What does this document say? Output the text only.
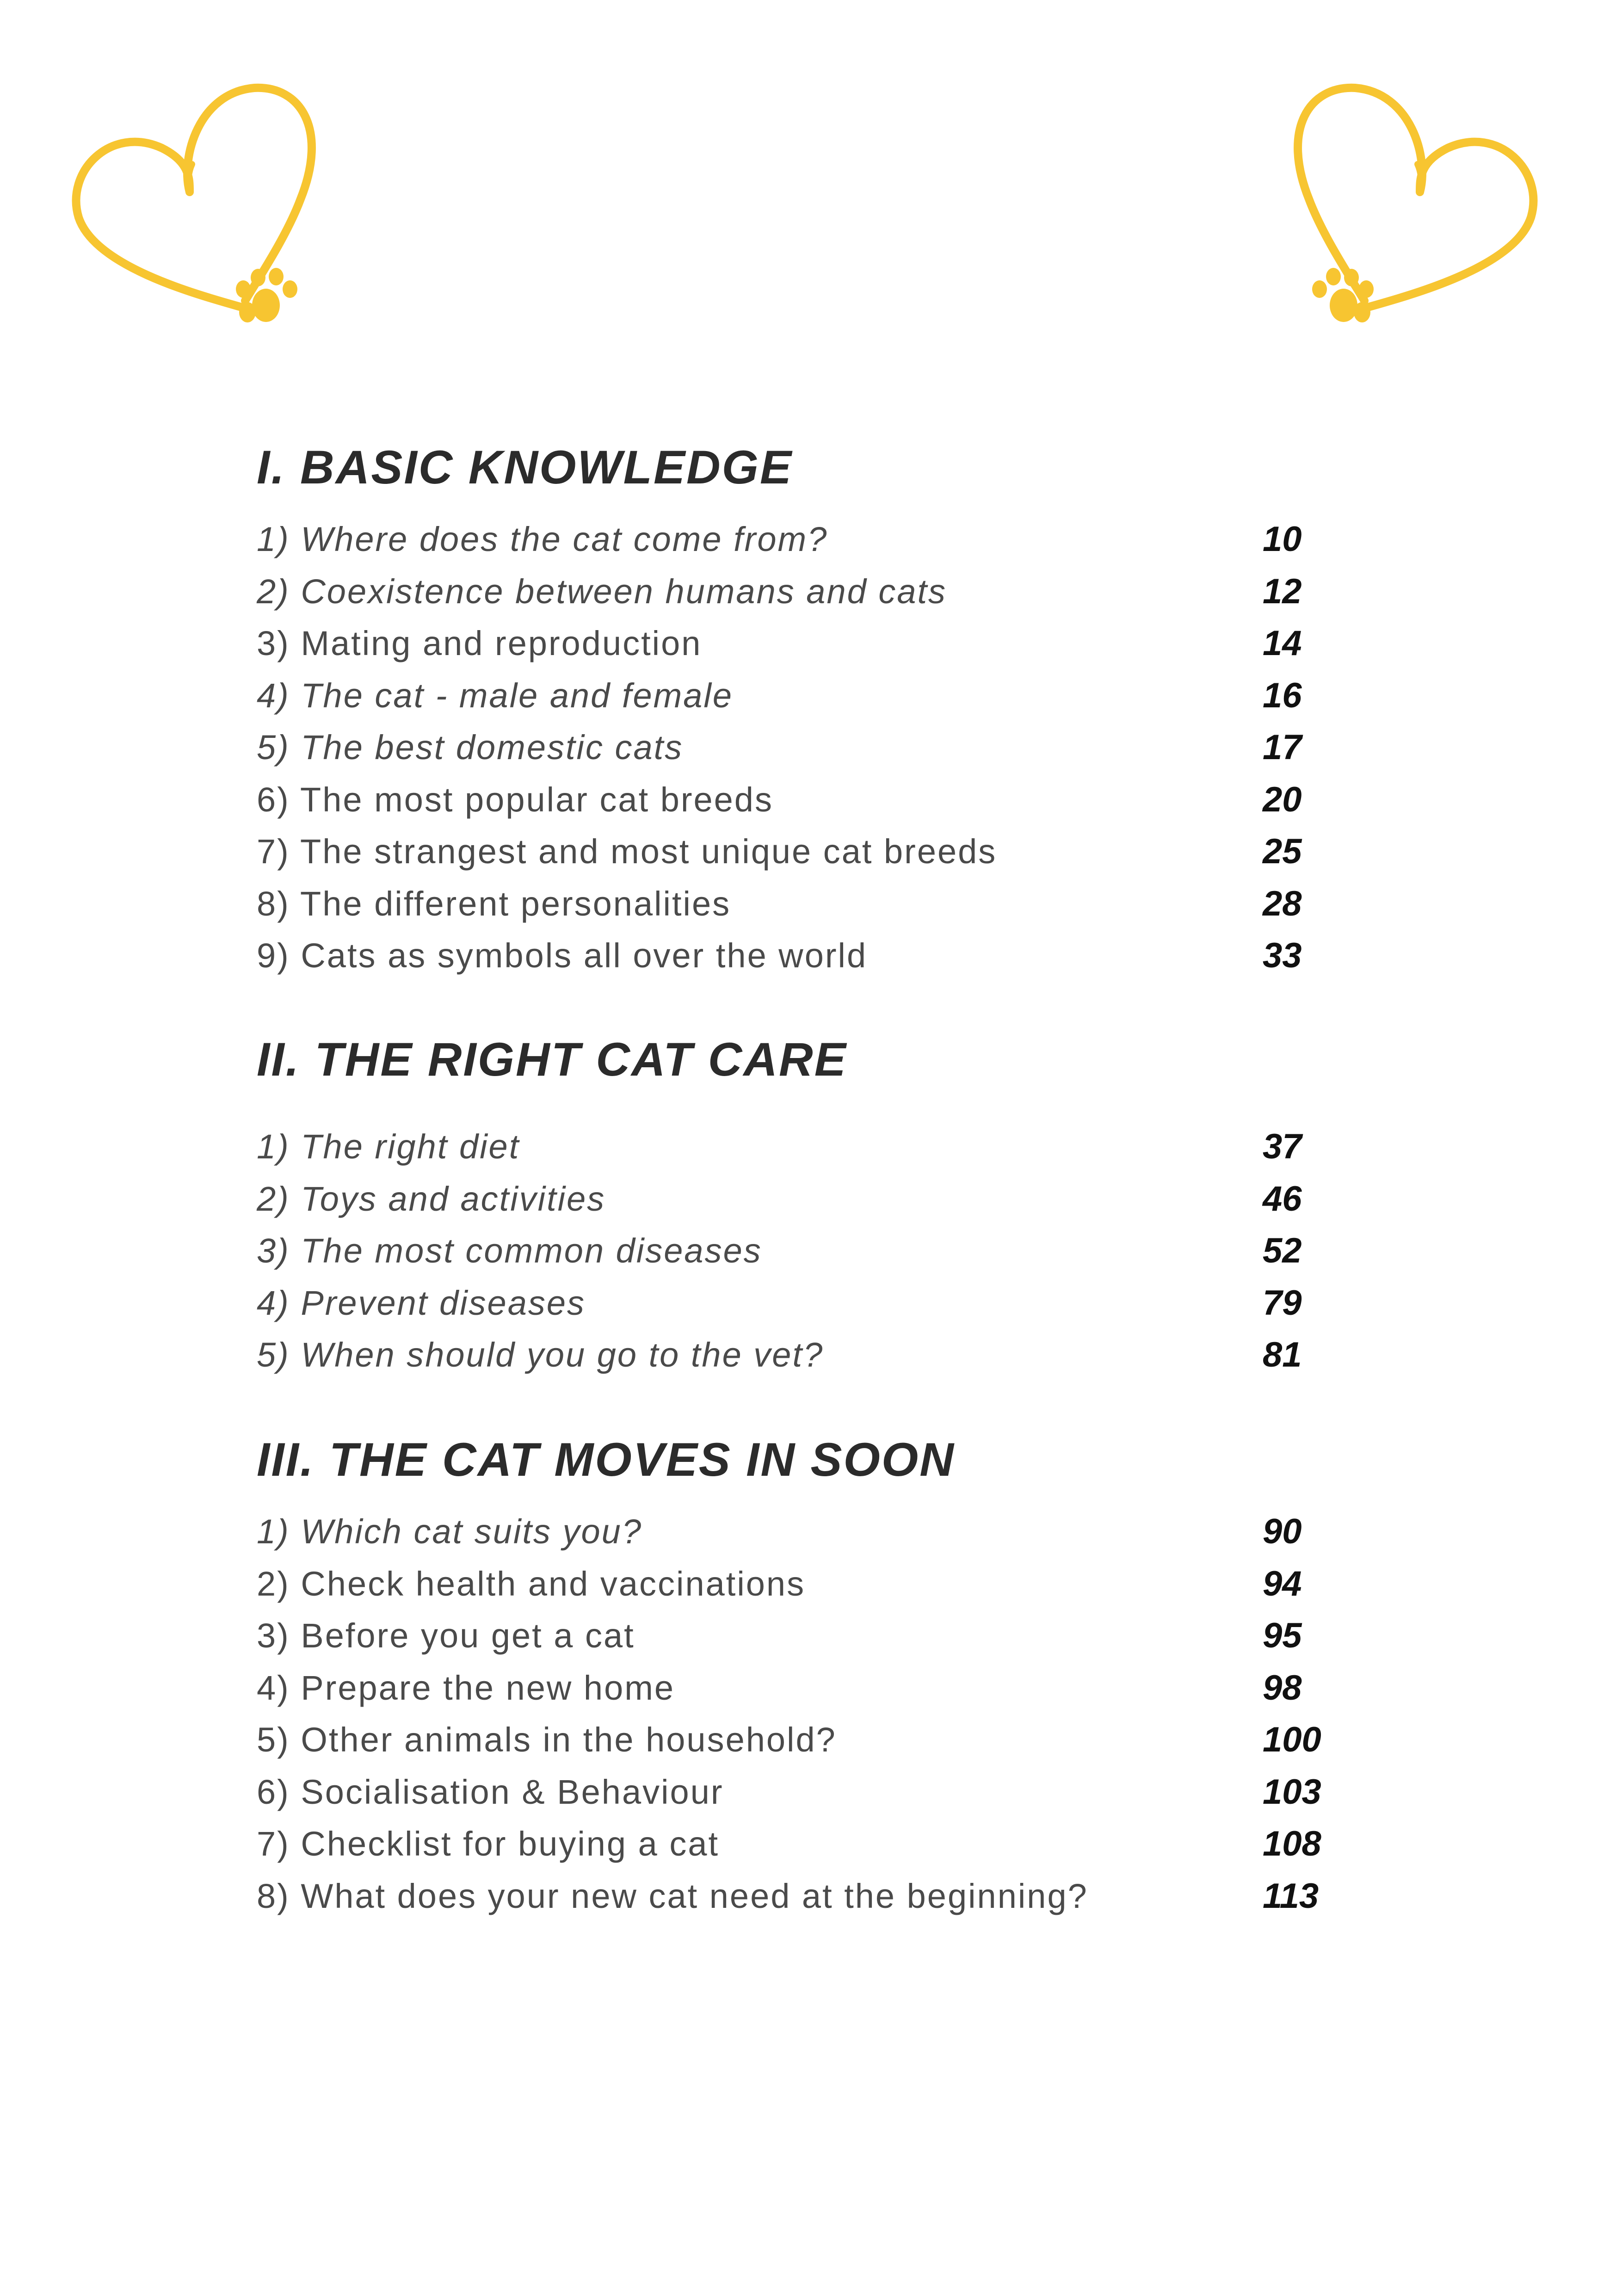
I. BASIC KNOWLEDGE
1) Where does the cat come from?	10
2) Coexistence between humans and cats	12
3) Mating and reproduction	14
4) The cat - male and female	16
5) The best domestic cats	17
6) The most popular cat breeds	20
7) The strangest and most unique cat breeds	25
8) The different personalities	28
9) Cats as symbols all over the world	33
II. THE RIGHT CAT CARE
1) The right diet	37
2) Toys and activities	46
3) The most common diseases	52
4) Prevent diseases	79
5) When should you go to the vet?	81
III. THE CAT MOVES IN SOON
1) Which cat suits you?	90
2) Check health and vaccinations	94
3) Before you get a cat	95
4) Prepare the new home	98
5) Other animals in the household?	100
6) Socialisation & Behaviour	103
7) Checklist for buying a cat	108
8) What does your new cat need at the beginning?	113
